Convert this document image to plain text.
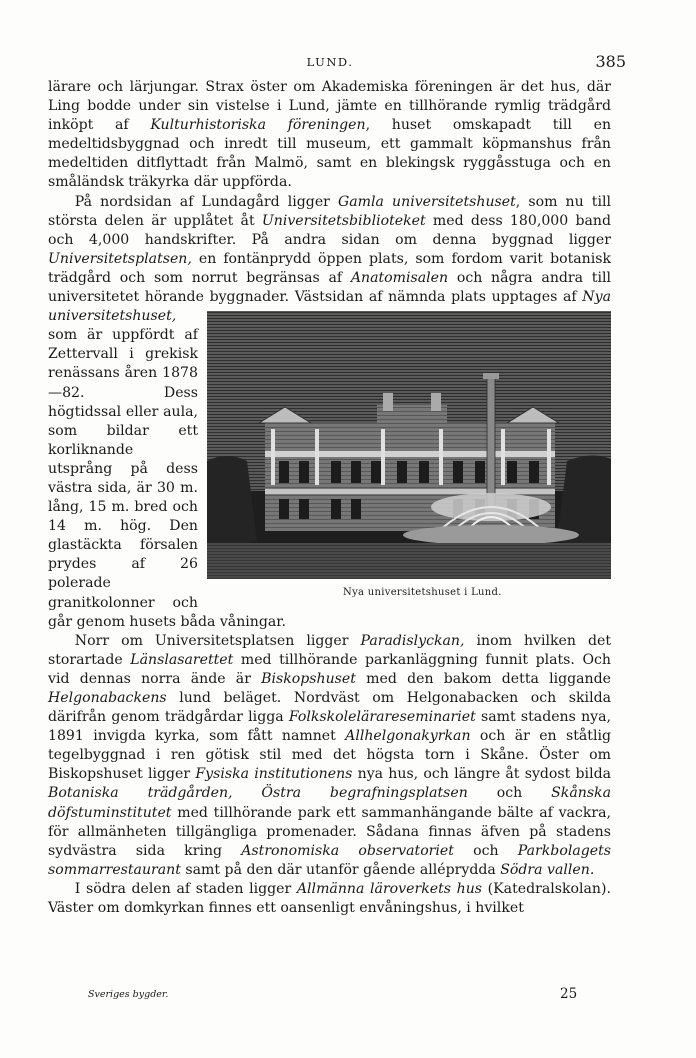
LUND.	385

lärare och lärjungar. Strax öster om Akademiska föreningen är det hus, där Ling bodde under sin vistelse i Lund, jämte en tillhörande rymlig trädgård inköpt af Kulturhistoriska föreningen, huset omskapadt till en medeltidsbyggnad och inredt till museum, ett gammalt köpmanshus från medeltiden ditflyttadt från Malmö, samt en blekingsk ryggåsstuga och en småländsk träkyrka där uppförda.

På nordsidan af Lundagård ligger Gamla universitetshuset, som nu till största delen är upplåtet åt Universitetsbiblioteket med dess 180,000 band och 4,000 handskrifter. På andra sidan om denna byggnad ligger Universitetsplatsen, en fontänprydd öppen plats, som fordom varit botanisk trädgård och som norrut begränsas af Anatomisalen och några andra till universitetet hörande byggnader. Västsidan af nämnda plats upptages af Nya universitetshuset,
Nya universitetshuset i Lund.
som är uppfördt af Zettervall i grekisk renässans åren 1878—82. Dess högtidssal eller aula, som bildar ett korliknande utsprång på dess västra sida, är 30 m. lång, 15 m. bred och 14 m. hög. Den glastäckta försalen prydes af 26 polerade granitkolonner och går genom husets båda våningar.

Norr om Universitetsplatsen ligger Paradislyckan, inom hvilken det storartade Länslasarettet med tillhörande parkanläggning funnit plats. Och vid dennas norra ände är Biskopshuset med den bakom detta liggande Helgonabackens lund beläget. Nordväst om Helgonabacken och skilda därifrån genom trädgårdar ligga Folkskolelärareseminariet samt stadens nya, 1891 invigda kyrka, som fått namnet Allhelgonakyrkan och är en ståtlig tegelbyggnad i ren götisk stil med det högsta torn i Skåne. Öster om Biskopshuset ligger Fysiska institutionens nya hus, och längre åt sydost bilda Botaniska trädgården, Östra begrafningsplatsen och Skånska döfstuminstitutet med tillhörande park ett sammanhängande bälte af vackra, för allmänheten tillgängliga promenader. Sådana finnas äfven på stadens sydvästra sida kring Astronomiska observatoriet och Parkbolagets sommarrestaurant samt på den där utanför gående alléprydda Södra vallen.

I södra delen af staden ligger Allmänna läroverkets hus (Katedralskolan). Väster om domkyrkan finnes ett oansenligt envåningshus, i hvilket

Sveriges bygder.	25
